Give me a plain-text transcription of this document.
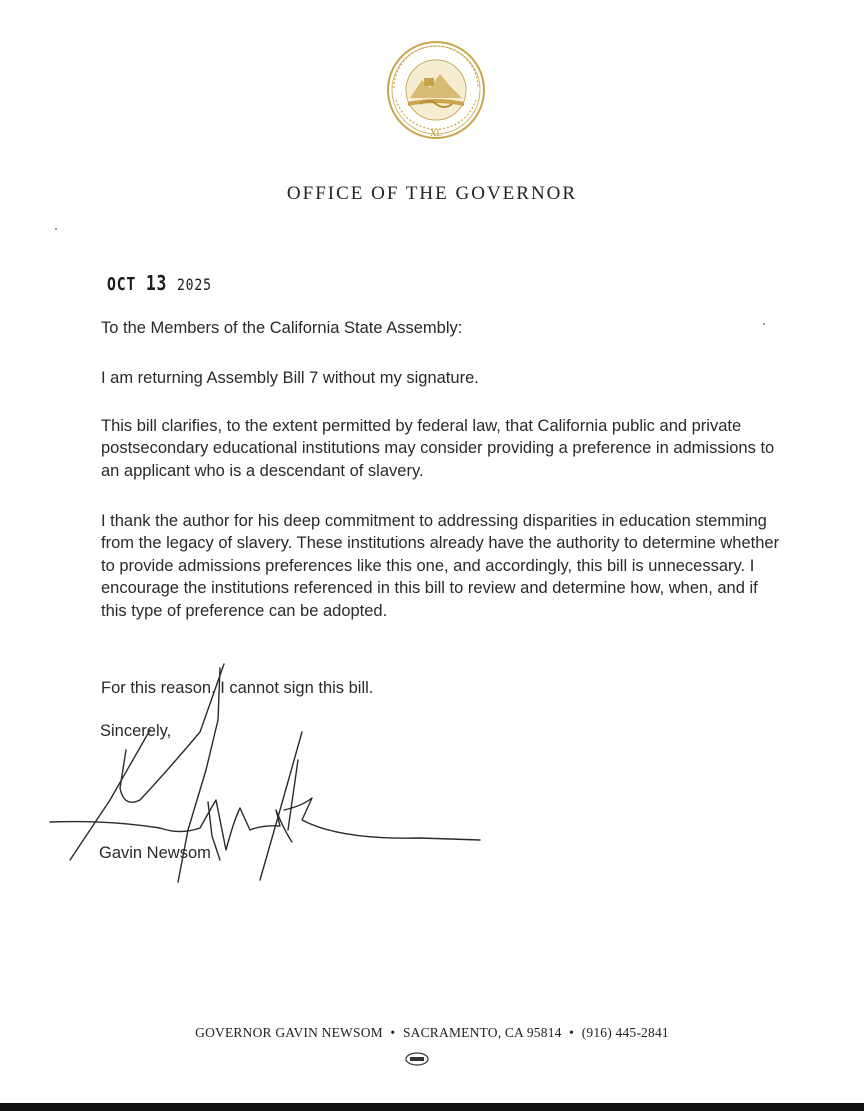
XL
OFFICE OF THE GOVERNOR
OCT 13 2025

To the Members of the California State Assembly:

I am returning Assembly Bill 7 without my signature.

This bill clarifies, to the extent permitted by federal law, that California public and private postsecondary educational institutions may consider providing a preference in admissions to an applicant who is a descendant of slavery.

I thank the author for his deep commitment to addressing disparities in education stemming from the legacy of slavery. These institutions already have the authority to determine whether to provide admissions preferences like this one, and accordingly, this bill is unnecessary. I encourage the institutions referenced in this bill to review and determine how, when, and if this type of preference can be adopted.

For this reason, I cannot sign this bill.

Sincerely,
Gavin Newsom
GOVERNOR GAVIN NEWSOM • SACRAMENTO, CA 95814 • (916) 445-2841
